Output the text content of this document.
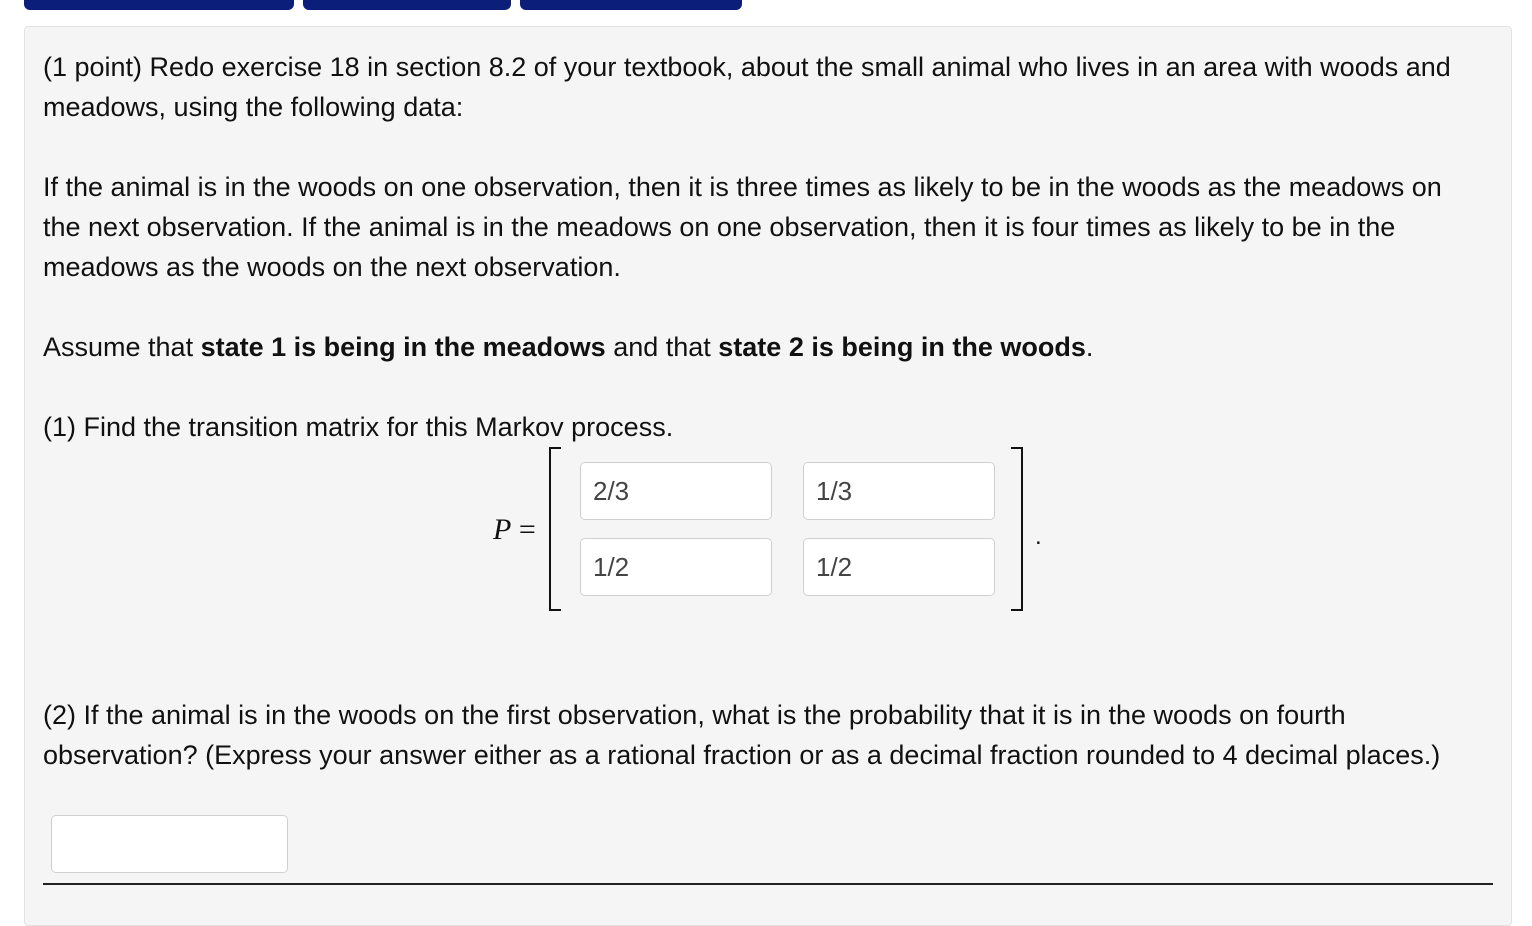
(1 point) Redo exercise 18 in section 8.2 of your textbook, about the small animal who lives in an area with woods and meadows, using the following data:

If the animal is in the woods on one observation, then it is three times as likely to be in the woods as the meadows on the next observation. If the animal is in the meadows on one observation, then it is four times as likely to be in the meadows as the woods on the next observation.

Assume that state 1 is being in the meadows and that state 2 is being in the woods.

(1) Find the transition matrix for this Markov process.

P =	.
2/3
1/3
1/2
1/2

(2) If the animal is in the woods on the first observation, what is the probability that it is in the woods on fourth observation? (Express your answer either as a rational fraction or as a decimal fraction rounded to 4 decimal places.)
